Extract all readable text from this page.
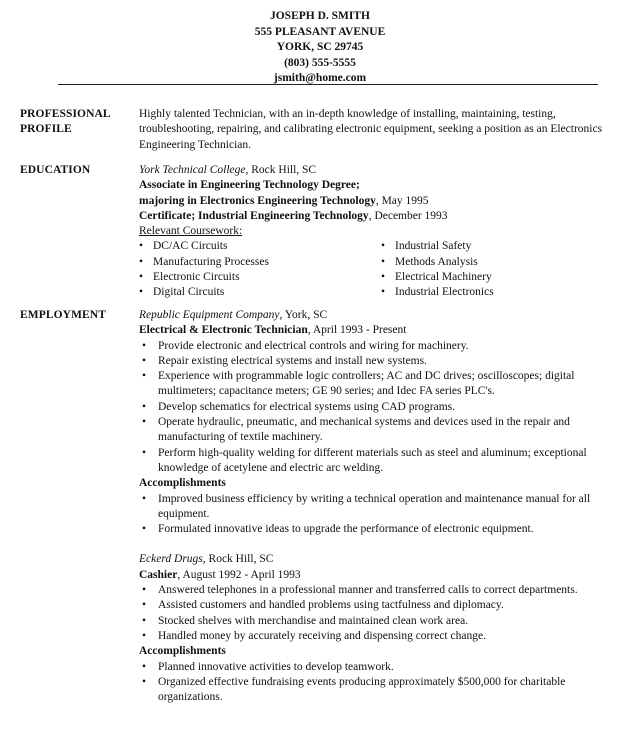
JOSEPH D. SMITH
555 PLEASANT AVENUE
YORK, SC 29745
(803) 555-5555
jsmith@home.com
PROFESSIONAL
PROFILE
Highly talented Technician, with an in-depth knowledge of installing, maintaining, testing, troubleshooting, repairing, and calibrating electronic equipment, seeking a position as an Electronics Engineering Technician.
EDUCATION	York Technical College, Rock Hill, SC
Associate in Engineering Technology Degree;
majoring in Electronics Engineering Technology, May 1995
Certificate; Industrial Engineering Technology, December 1993
Relevant Coursework:
• DC/AC Circuits
• Manufacturing Processes
• Electronic Circuits
• Digital Circuits
• Industrial Safety
• Methods Analysis
• Electrical Machinery
• Industrial Electronics
EMPLOYMENT	Republic Equipment Company, York, SC
Electrical & Electronic Technician, April 1993 - Present
• Provide electronic and electrical controls and wiring for machinery.
• Repair existing electrical systems and install new systems.
• Experience with programmable logic controllers; AC and DC drives; oscilloscopes; digital multimeters; capacitance meters; GE 90 series; and Idec FA series PLC's.
• Develop schematics for electrical systems using CAD programs.
• Operate hydraulic, pneumatic, and mechanical systems and devices used in the repair and manufacturing of textile machinery.
• Perform high-quality welding for different materials such as steel and aluminum; exceptional knowledge of acetylene and electric arc welding.
Accomplishments
• Improved business efficiency by writing a technical operation and maintenance manual for all equipment.
• Formulated innovative ideas to upgrade the performance of electronic equipment.
Eckerd Drugs, Rock Hill, SC
Cashier, August 1992 - April 1993
• Answered telephones in a professional manner and transferred calls to correct departments.
• Assisted customers and handled problems using tactfulness and diplomacy.
• Stocked shelves with merchandise and maintained clean work area.
• Handled money by accurately receiving and dispensing correct change.
Accomplishments
• Planned innovative activities to develop teamwork.
• Organized effective fundraising events producing approximately $500,000 for charitable organizations.
